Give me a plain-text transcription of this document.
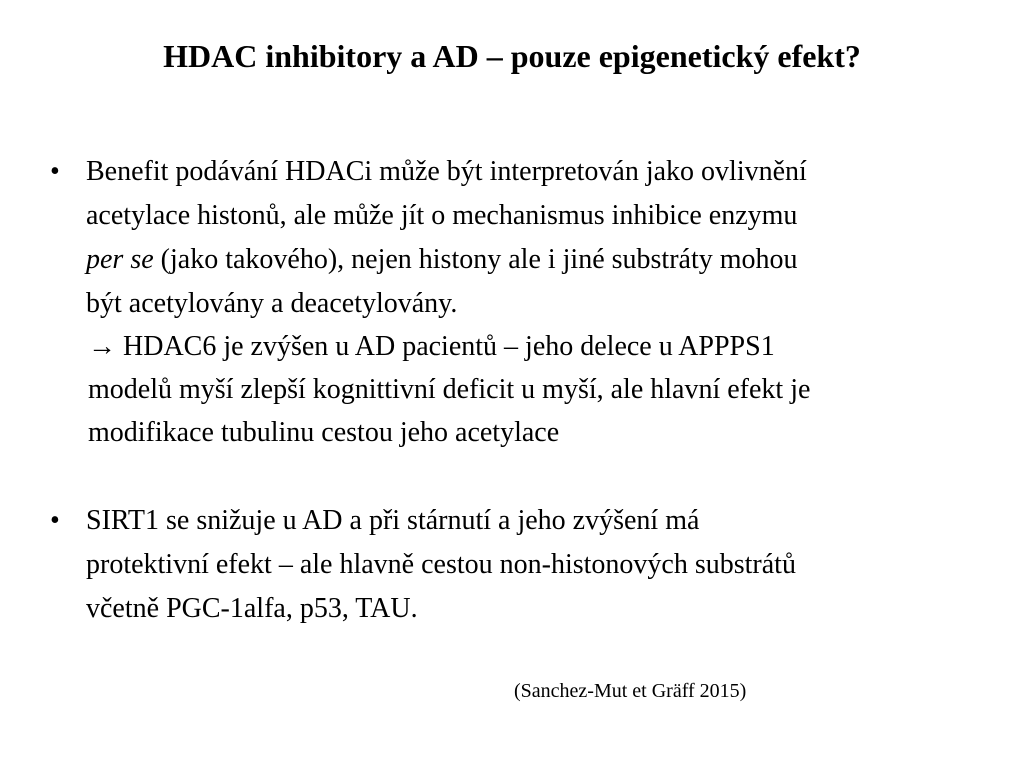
HDAC inhibitory a AD – pouze epigenetický efekt?
• Benefit podávání HDACi může být interpretován jako ovlivnění
acetylace histonů, ale může jít o mechanismus inhibice enzymu
per se (jako takového), nejen histony ale i jiné substráty mohou
být acetylovány a deacetylovány.
→ HDAC6 je zvýšen u AD pacientů – jeho delece u APPPS1
modelů myší zlepší kognittivní deficit u myší, ale hlavní efekt je
modifikace tubulinu cestou jeho acetylace
• SIRT1 se snižuje u AD a při stárnutí a jeho zvýšení má
protektivní efekt – ale hlavně cestou non-histonových substrátů
včetně PGC-1alfa, p53, TAU.
(Sanchez-Mut et Gräff 2015)
